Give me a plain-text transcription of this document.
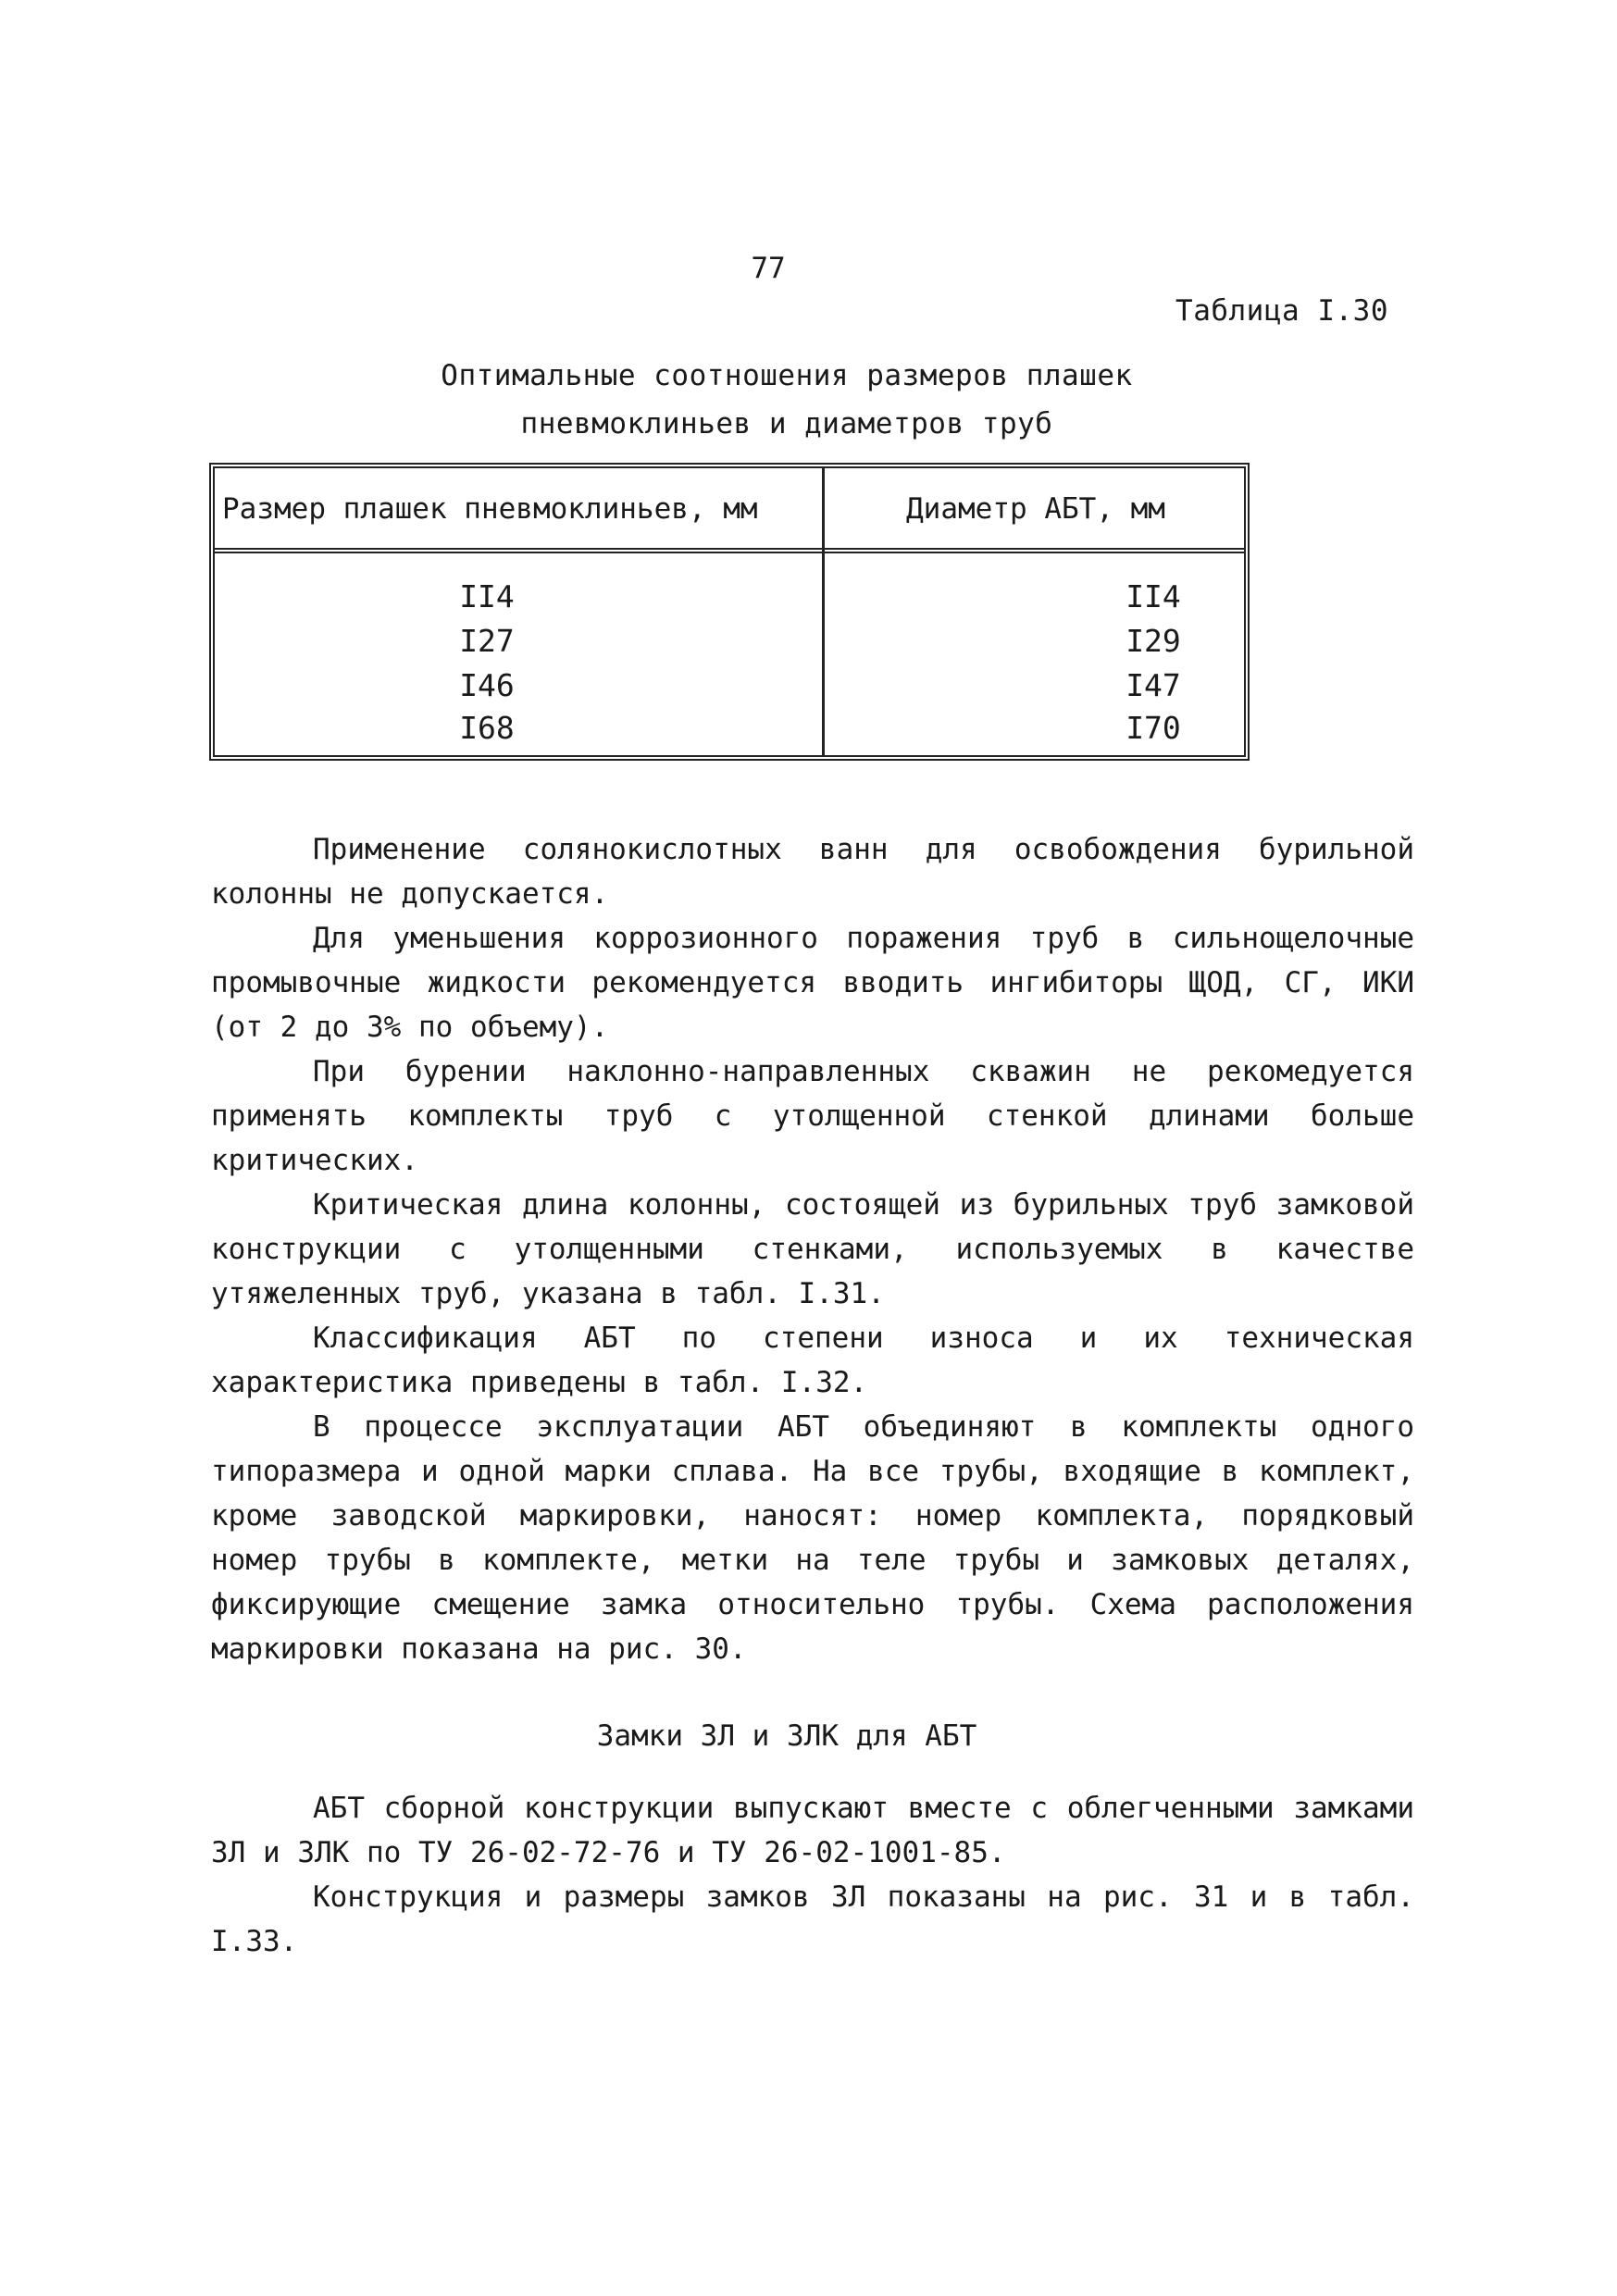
77
Таблица I.30
Оптимальные соотношения размеров плашек
пневмоклиньев и диаметров труб
Размер плашек пневмоклиньев, мм	Диаметр АБТ, мм
II4	II4
I27	I29
I46	I47
I68	I70

Применение солянокислотных ванн для освобождения бурильной колонны не допускается.

Для уменьшения коррозионного поражения труб в сильнощелочные промывочные жидкости рекомендуется вводить ингибиторы ЩОД, СГ, ИКИ (от 2 до 3% по объему).

При бурении наклонно-направленных скважин не рекомедуется применять комплекты труб с утолщенной стенкой длинами больше критических.

Критическая длина колонны, состоящей из бурильных труб замковой конструкции с утолщенными стенками, используемых в качестве утяжеленных труб, указана в табл. I.31.

Классификация АБТ по степени износа и их техническая характеристика приведены в табл. I.32.

В процессе эксплуатации АБТ объединяют в комплекты одного типоразмера и одной марки сплава. На все трубы, входящие в комплект, кроме заводской маркировки, наносят: номер комплекта, порядковый номер трубы в комплекте, метки на теле трубы и замковых деталях, фиксирующие смещение замка относительно трубы. Схема расположения маркировки показана на рис. 30.

Замки ЗЛ и ЗЛК для АБТ

АБТ сборной конструкции выпускают вместе с облегченными замками ЗЛ и ЗЛК по ТУ 26-02-72-76 и ТУ 26-02-1001-85.

Конструкция и размеры замков ЗЛ показаны на рис. 31 и в табл. I.33.
